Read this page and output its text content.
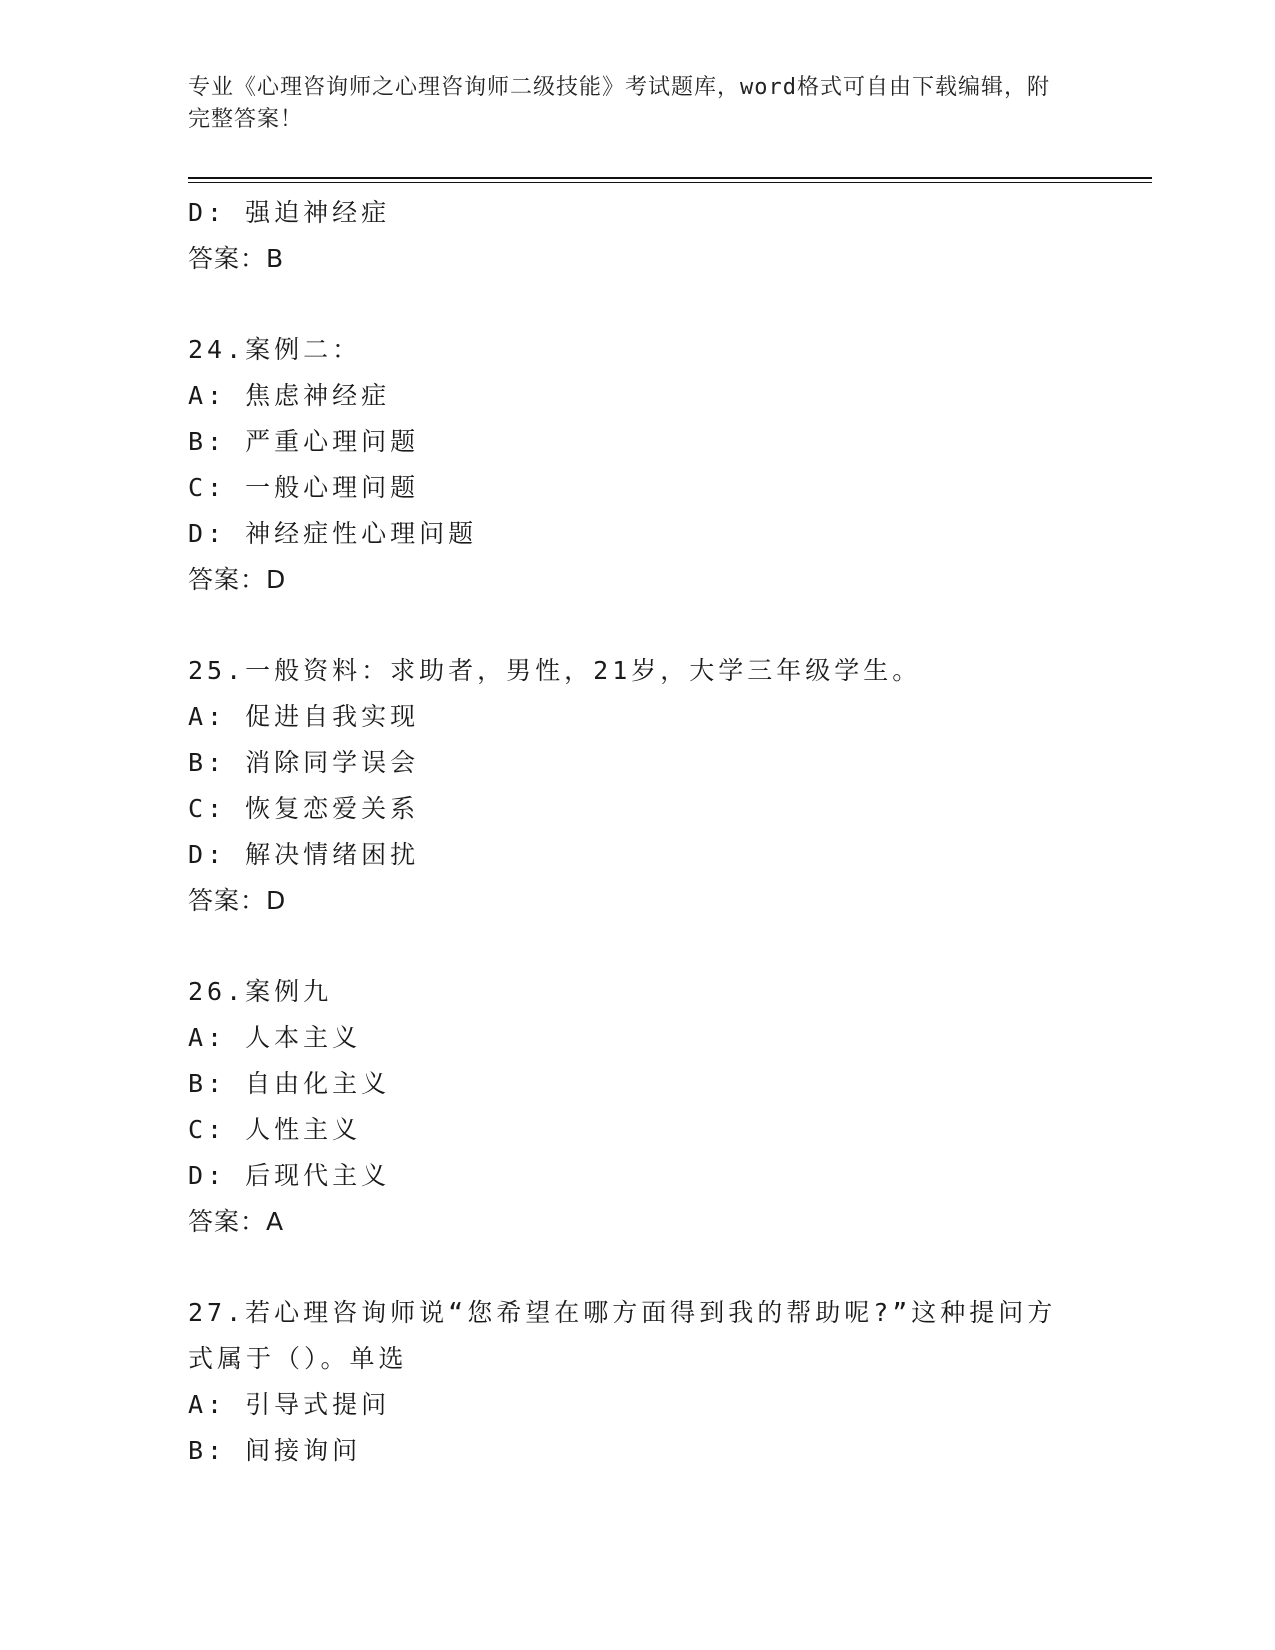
专业《心理咨询师之心理咨询师二级技能》考试题库，word格式可自由下载编辑，附完整答案！
D: 强迫神经症
答案：B
24.案例二：
A: 焦虑神经症
B: 严重心理问题
C: 一般心理问题
D: 神经症性心理问题
答案：D
25.一般资料：求助者，男性，21岁，大学三年级学生。
A: 促进自我实现
B: 消除同学误会
C: 恢复恋爱关系
D: 解决情绪困扰
答案：D
26.案例九
A: 人本主义
B: 自由化主义
C: 人性主义
D: 后现代主义
答案：A
27.若心理咨询师说“您希望在哪方面得到我的帮助呢?”这种提问方式属于（）。单选
A: 引导式提问
B: 间接询问
